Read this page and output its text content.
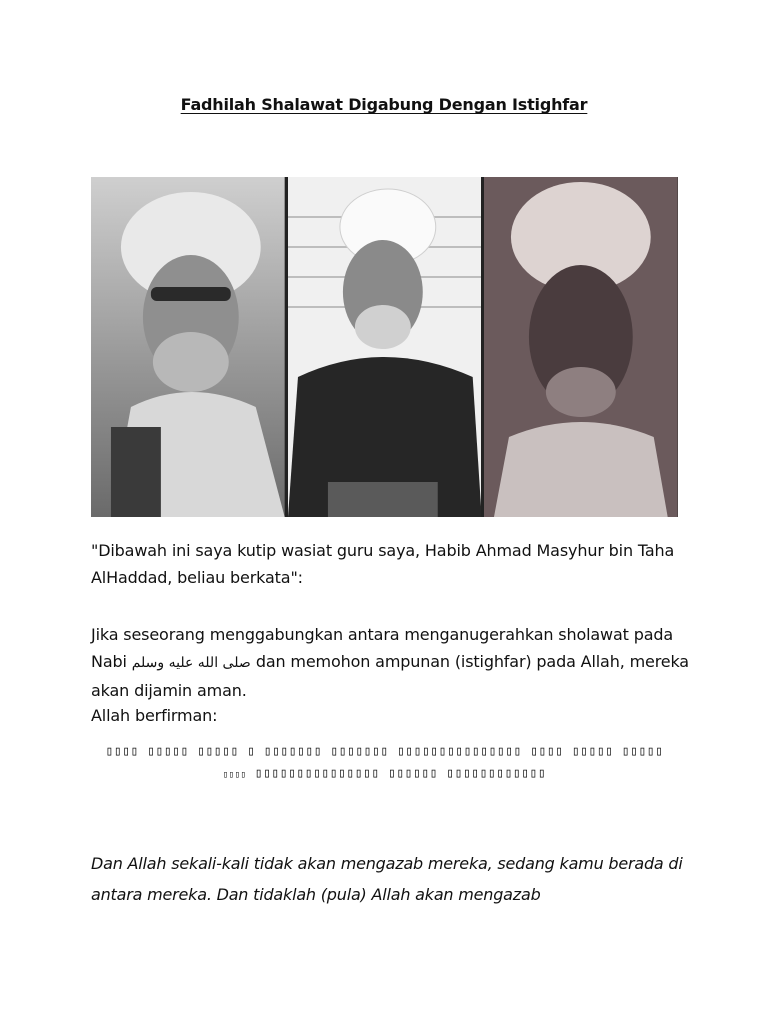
Fadhilah Shalawat Digabung Dengan Istighfar
"Dibawah ini saya kutip wasiat guru saya, Habib Ahmad Masyhur bin Taha AlHaddad, beliau berkata":
Jika seseorang menggabungkan antara menganugerahkan sholawat pada Nabi صلى الله عليه وسلم dan memohon ampunan (istighfar) pada Allah, mereka akan dijamin aman.
Allah berfirman:
▯▯▯▯▯ ▯▯▯▯▯ ▯▯▯▯ ▯▯▯▯▯▯▯▯▯▯▯▯▯▯▯ ▯▯▯▯▯▯▯ ▯▯▯▯▯▯▯ ▯ ▯▯▯▯▯ ▯▯▯▯▯ ▯▯▯▯
▯▯▯▯▯▯▯▯▯▯▯▯ ▯▯▯▯▯▯ ▯▯▯▯▯▯▯▯▯▯▯▯▯▯▯ ▯▯▯▯
Dan Allah sekali-kali tidak akan mengazab mereka, sedang kamu berada di antara mereka. Dan tidaklah (pula) Allah akan mengazab
